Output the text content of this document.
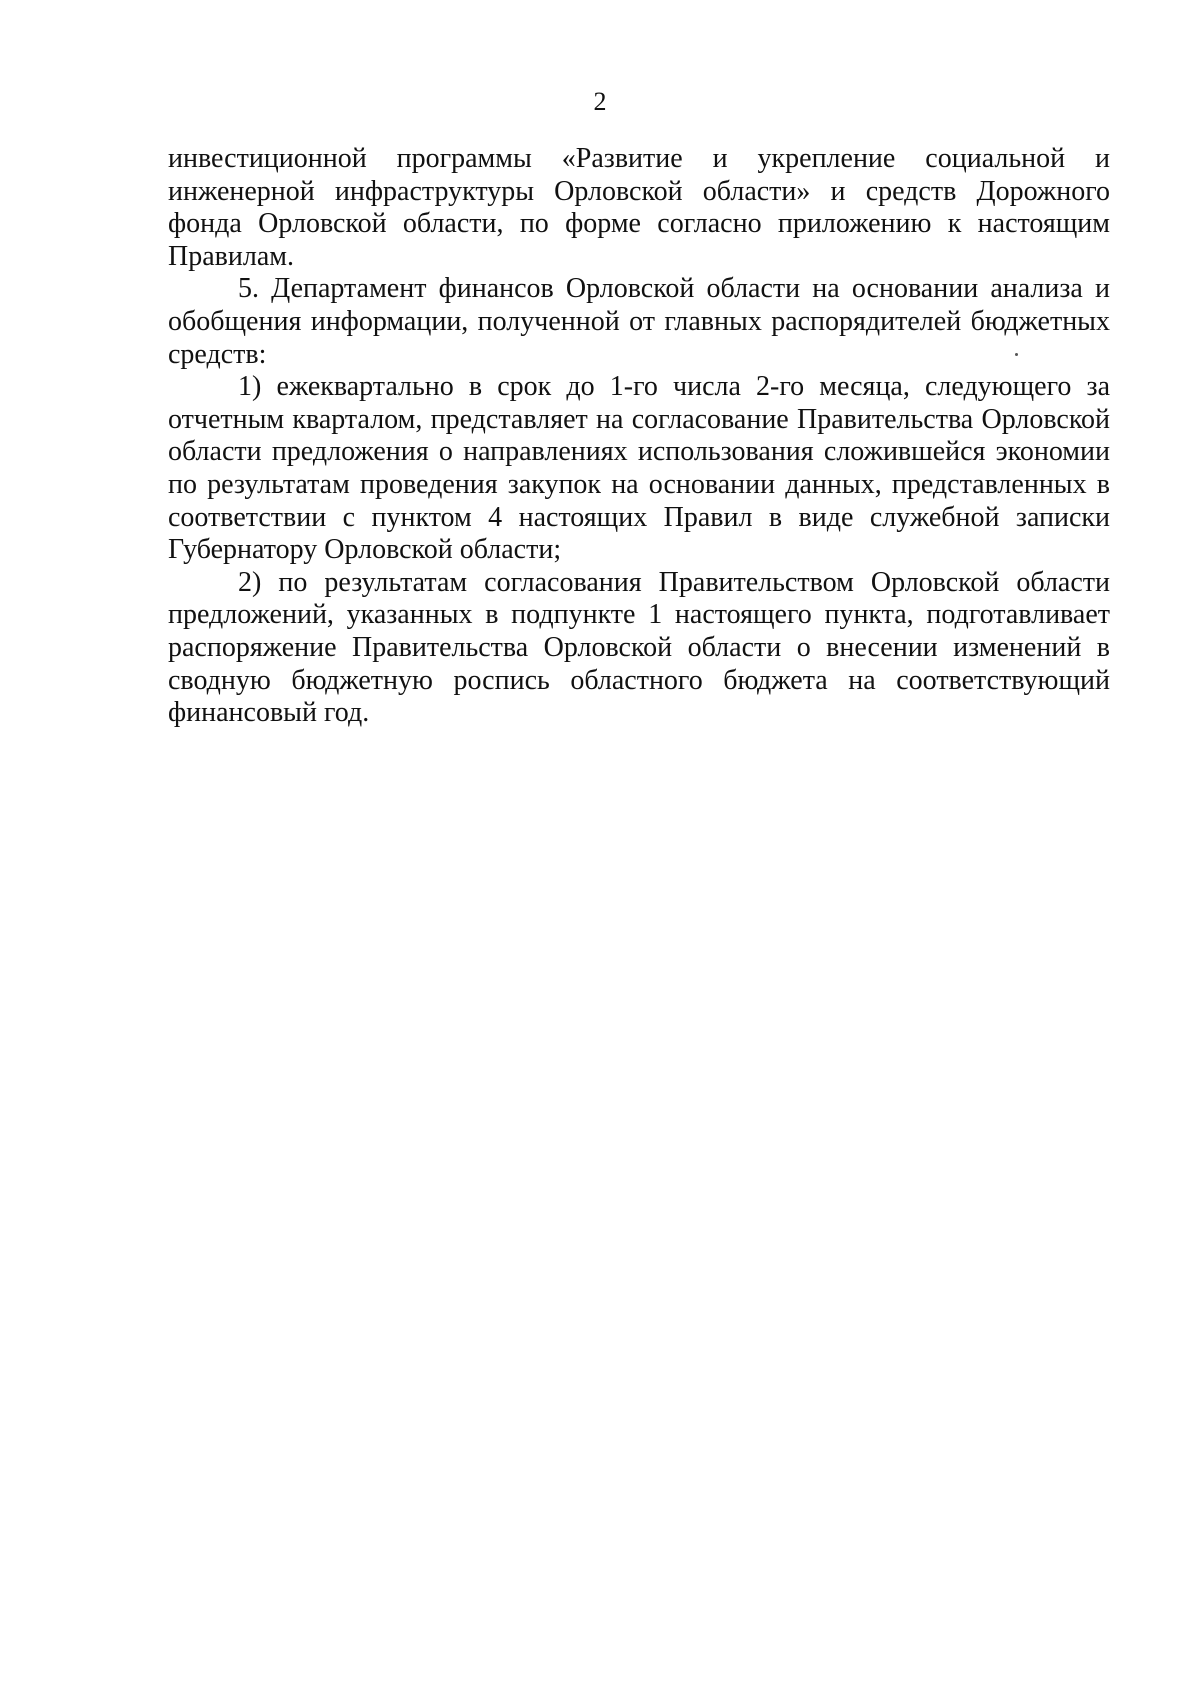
2

инвестиционной программы «Развитие и укрепление социальной и инженерной инфраструктуры Орловской области» и средств Дорожного фонда Орловской области, по форме согласно приложению к настоящим Правилам.

5. Департамент финансов Орловской области на основании анализа и обобщения информации, полученной от главных распорядителей бюджетных средств:

1) ежеквартально в срок до 1-го числа 2-го месяца, следующего за отчетным кварталом, представляет на согласование Правительства Орловской области предложения о направлениях использования сложившейся экономии по результатам проведения закупок на основании данных, представленных в соответствии с пунктом 4 настоящих Правил в виде служебной записки Губернатору Орловской области;

2) по результатам согласования Правительством Орловской области предложений, указанных в подпункте 1 настоящего пункта, подготавливает распоряжение Правительства Орловской области о внесении изменений в сводную бюджетную роспись областного бюджета на соответствующий финансовый год.
